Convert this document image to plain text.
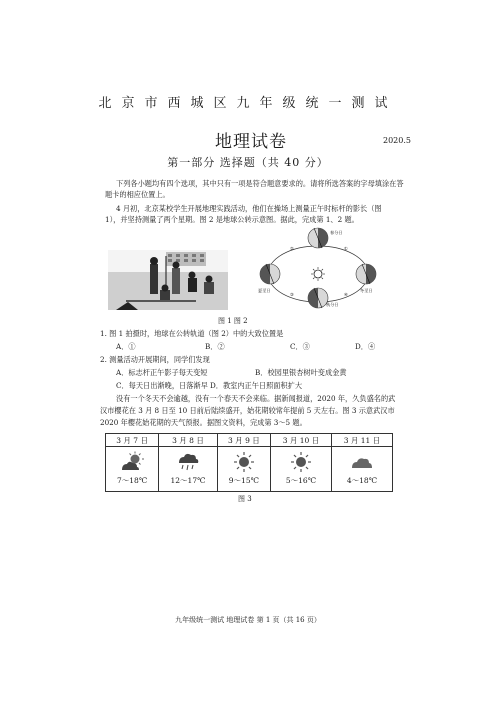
北京市西城区九年级统一测试
地理试卷	2020.5
第一部分 选择题（共 40 分）
下列各小题均有四个选项，其中只有一项是符合题意要求的。请将所选答案的字母填涂在答
题卡的相应位置上。
4 月初，北京某校学生开展地理实践活动，他们在操场上测量正午时标杆的影长（图
1），并坚持测量了两个星期。图 2 是地球公转示意图。据此，完成第 1、2 题。
春分日
夏至日	冬至日
秋分日
②	①
③	④
图 1 图 2
1. 图 1 拍摄时，地球在公转轨道（图 2）中的大致位置是
A．①	B．②	C．③	D．④
2. 测量活动开展期间，同学们发现
A．标志杆正午影子每天变短	B．校园里银杏树叶变成金黄
C．每天日出渐晚，日落渐早 D．教室内正午日照面积扩大
没有一个冬天不会逾越，没有一个春天不会来临。据新闻报道，2020 年，久负盛名的武
汉市樱花在 3 月 8 日至 10 日前后陆续盛开，始花期较常年提前 5 天左右。图 3 示意武汉市
2020 年樱花始花期的天气预报。据图文资料，完成第 3～5 题。
3 月 7 日	3 月 8 日	3 月 9 日	3 月 10 日	3 月 11 日

7～18℃	12～17℃	9～15℃	5～16℃	4～18℃
图 3
九年级统一测试 地理试卷 第 1 页（共 16 页）
